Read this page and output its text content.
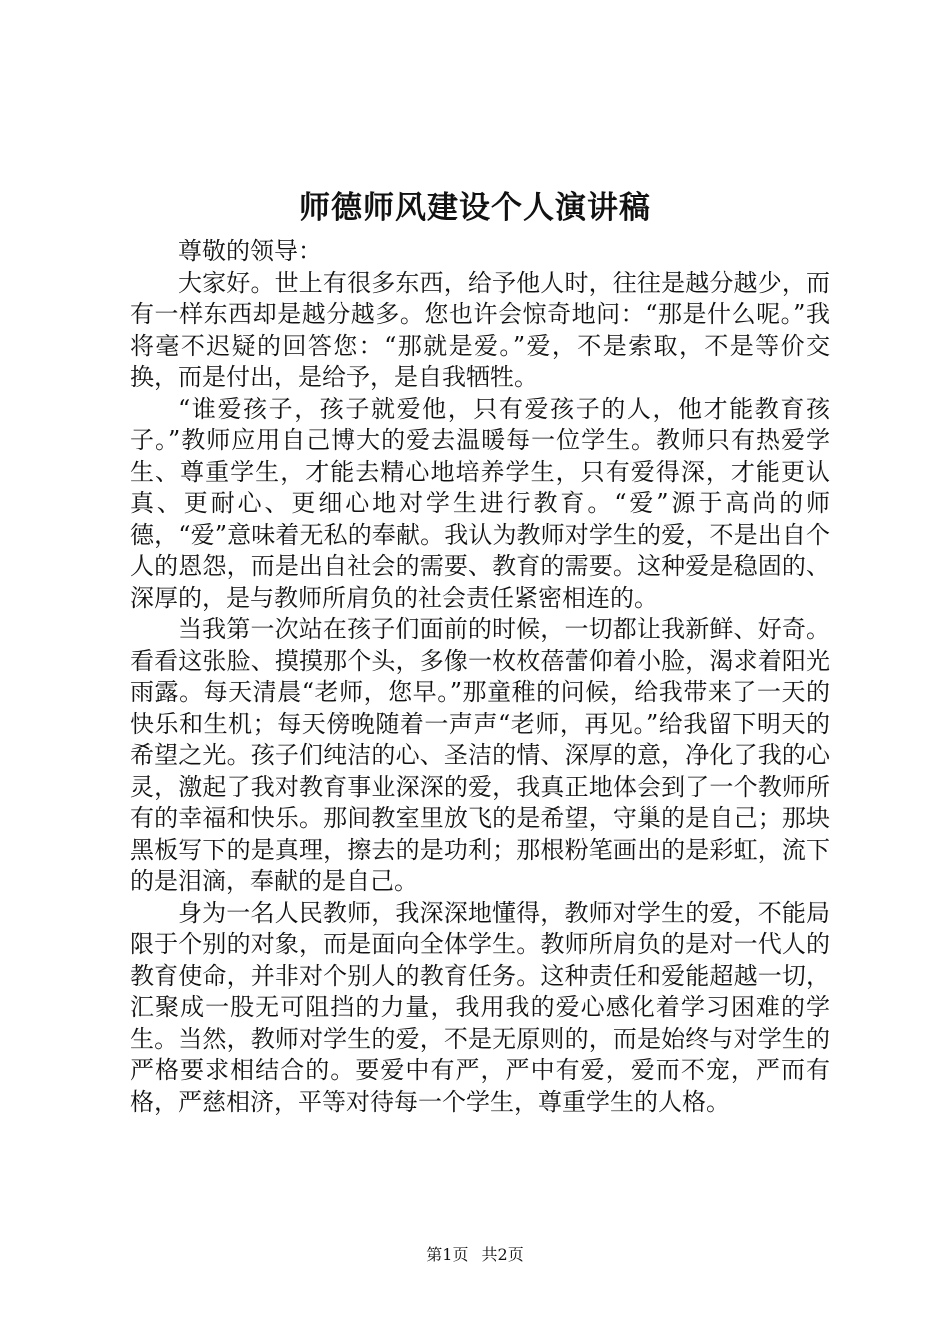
师德师风建设个人演讲稿

尊敬的领导：

大家好。世上有很多东西，给予他人时，往往是越分越少，而有一样东西却是越分越多。您也许会惊奇地问：“那是什么呢。”我将毫不迟疑的回答您：“那就是爱。”爱，不是索取，不是等价交换，而是付出，是给予，是自我牺牲。

“谁爱孩子，孩子就爱他，只有爱孩子的人，他才能教育孩子。”教师应用自己博大的爱去温暖每一位学生。教师只有热爱学生、尊重学生，才能去精心地培养学生，只有爱得深，才能更认真、更耐心、更细心地对学生进行教育。“爱”源于高尚的师德，“爱”意味着无私的奉献。我认为教师对学生的爱，不是出自个人的恩怨，而是出自社会的需要、教育的需要。这种爱是稳固的、深厚的，是与教师所肩负的社会责任紧密相连的。

当我第一次站在孩子们面前的时候，一切都让我新鲜、好奇。看看这张脸、摸摸那个头，多像一枚枚蓓蕾仰着小脸，渴求着阳光雨露。每天清晨“老师，您早。”那童稚的问候，给我带来了一天的快乐和生机；每天傍晚随着一声声“老师，再见。”给我留下明天的希望之光。孩子们纯洁的心、圣洁的情、深厚的意，净化了我的心灵，激起了我对教育事业深深的爱，我真正地体会到了一个教师所有的幸福和快乐。那间教室里放飞的是希望，守巢的是自己；那块黑板写下的是真理，擦去的是功利；那根粉笔画出的是彩虹，流下的是泪滴，奉献的是自己。

身为一名人民教师，我深深地懂得，教师对学生的爱，不能局限于个别的对象，而是面向全体学生。教师所肩负的是对一代人的教育使命，并非对个别人的教育任务。这种责任和爱能超越一切，汇聚成一股无可阻挡的力量，我用我的爱心感化着学习困难的学生。当然，教师对学生的爱，不是无原则的，而是始终与对学生的严格要求相结合的。要爱中有严，严中有爱，爱而不宠，严而有格，严慈相济，平等对待每一个学生，尊重学生的人格。

第1页 共2页
